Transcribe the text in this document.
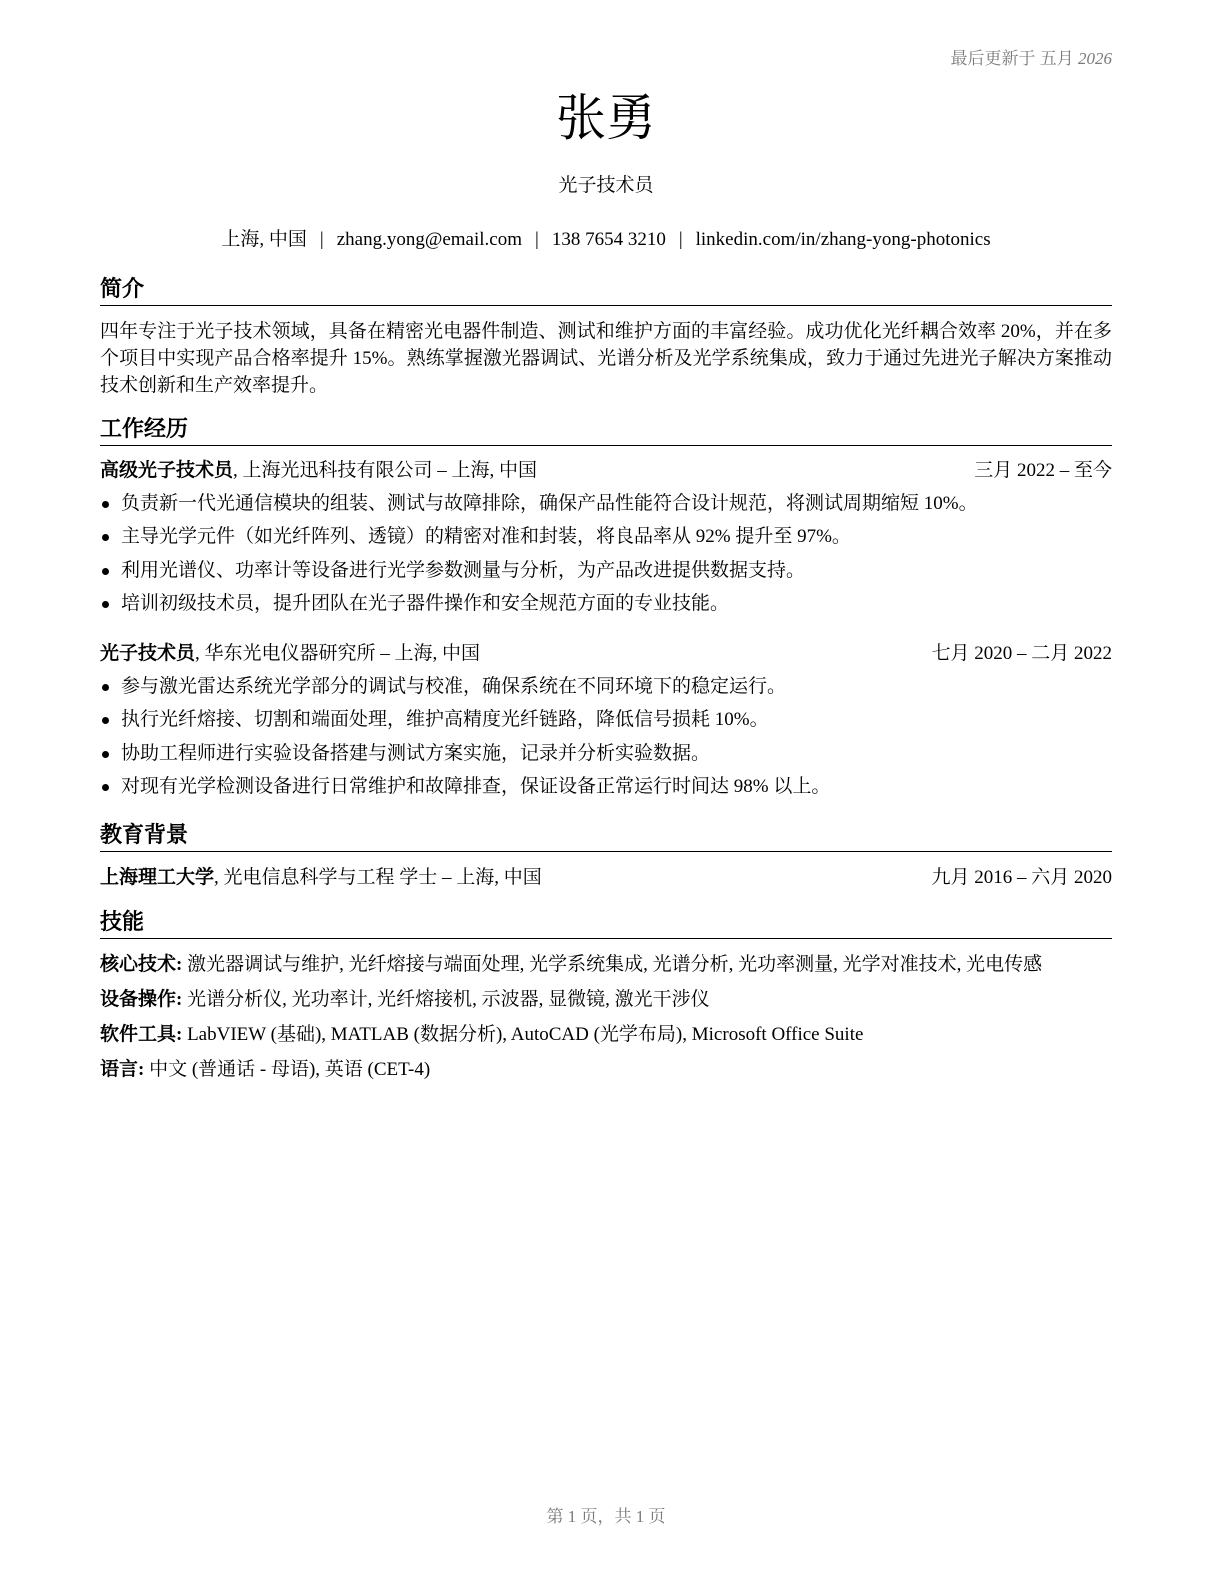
最后更新于 五月 2026
张勇
光子技术员
上海, 中国 | zhang.yong@email.com | 138 7654 3210 | linkedin.com/in/zhang-yong-photonics
简介
四年专注于光子技术领域，具备在精密光电器件制造、测试和维护方面的丰富经验。成功优化光纤耦合效率 20%，并在多个项目中实现产品合格率提升 15%。熟练掌握激光器调试、光谱分析及光学系统集成，致力于通过先进光子解决方案推动技术创新和生产效率提升。
工作经历
高级光子技术员, 上海光迅科技有限公司 – 上海, 中国	三月 2022 – 至今
负责新一代光通信模块的组装、测试与故障排除，确保产品性能符合设计规范，将测试周期缩短 10%。
主导光学元件（如光纤阵列、透镜）的精密对准和封装，将良品率从 92% 提升至 97%。
利用光谱仪、功率计等设备进行光学参数测量与分析，为产品改进提供数据支持。
培训初级技术员，提升团队在光子器件操作和安全规范方面的专业技能。
光子技术员, 华东光电仪器研究所 – 上海, 中国	七月 2020 – 二月 2022
参与激光雷达系统光学部分的调试与校准，确保系统在不同环境下的稳定运行。
执行光纤熔接、切割和端面处理，维护高精度光纤链路，降低信号损耗 10%。
协助工程师进行实验设备搭建与测试方案实施，记录并分析实验数据。
对现有光学检测设备进行日常维护和故障排查，保证设备正常运行时间达 98% 以上。
教育背景
上海理工大学, 光电信息科学与工程 学士 – 上海, 中国	九月 2016 – 六月 2020
技能
核心技术: 激光器调试与维护, 光纤熔接与端面处理, 光学系统集成, 光谱分析, 光功率测量, 光学对准技术, 光电传感
设备操作: 光谱分析仪, 光功率计, 光纤熔接机, 示波器, 显微镜, 激光干涉仪
软件工具: LabVIEW (基础), MATLAB (数据分析), AutoCAD (光学布局), Microsoft Office Suite
语言: 中文 (普通话 - 母语), 英语 (CET-4)
第 1 页，共 1 页
